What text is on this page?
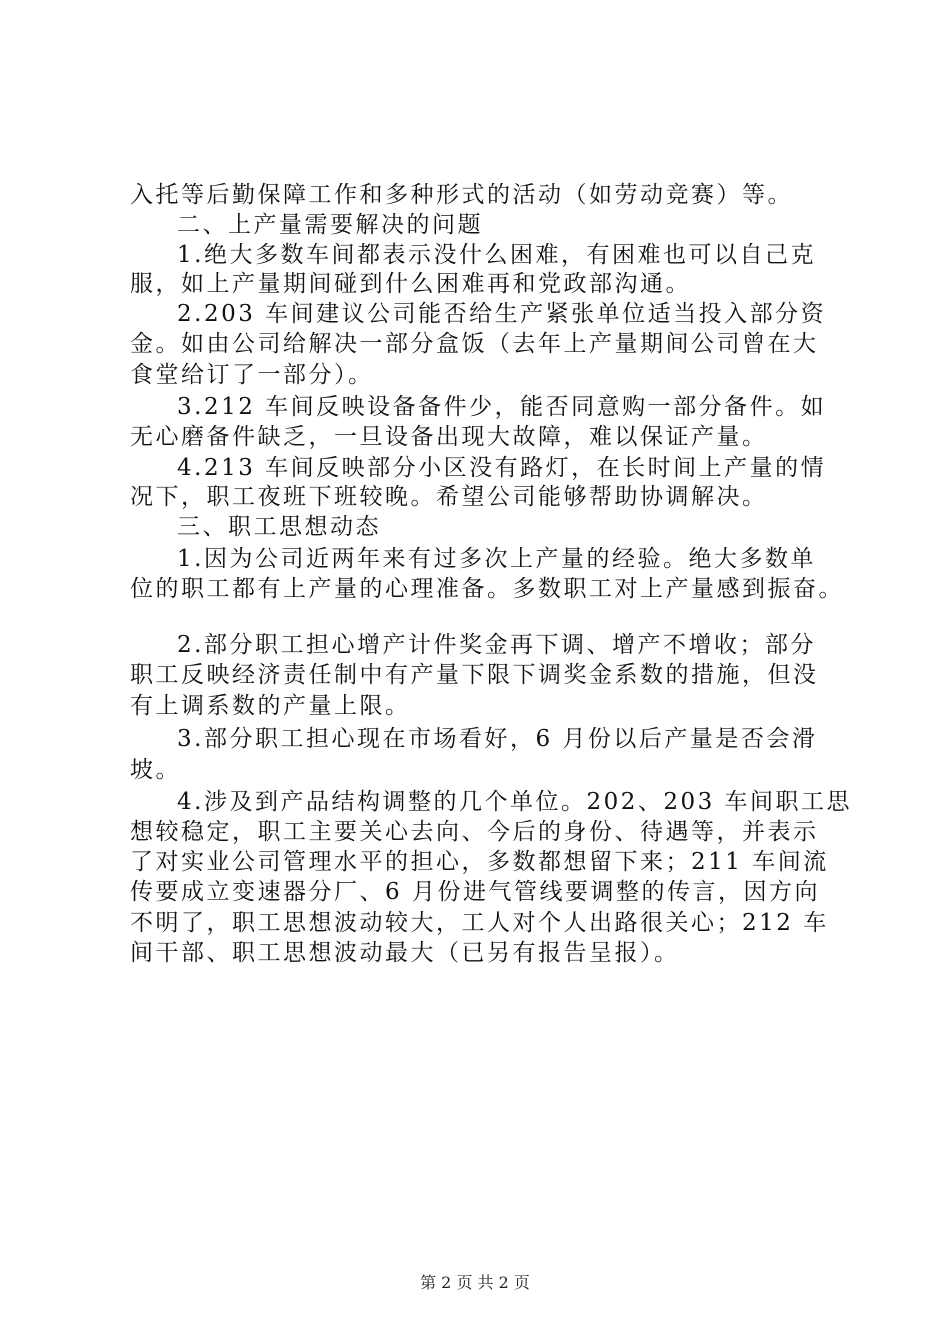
入托等后勤保障工作和多种形式的活动（如劳动竞赛）等。
二、上产量需要解决的问题
1.绝大多数车间都表示没什么困难，有困难也可以自己克
服，如上产量期间碰到什么困难再和党政部沟通。
2.203 车间建议公司能否给生产紧张单位适当投入部分资
金。如由公司给解决一部分盒饭（去年上产量期间公司曾在大
食堂给订了一部分）。
3.212 车间反映设备备件少，能否同意购一部分备件。如
无心磨备件缺乏，一旦设备出现大故障，难以保证产量。
4.213 车间反映部分小区没有路灯，在长时间上产量的情
况下，职工夜班下班较晚。希望公司能够帮助协调解决。
三、职工思想动态
1.因为公司近两年来有过多次上产量的经验。绝大多数单
位的职工都有上产量的心理准备。多数职工对上产量感到振奋。
2.部分职工担心增产计件奖金再下调、增产不增收；部分
职工反映经济责任制中有产量下限下调奖金系数的措施，但没
有上调系数的产量上限。
3.部分职工担心现在市场看好，6 月份以后产量是否会滑
坡。
4.涉及到产品结构调整的几个单位。202、203 车间职工思
想较稳定，职工主要关心去向、今后的身份、待遇等，并表示
了对实业公司管理水平的担心，多数都想留下来；211 车间流
传要成立变速器分厂、6 月份进气管线要调整的传言，因方向
不明了，职工思想波动较大，工人对个人出路很关心；212 车
间干部、职工思想波动最大（已另有报告呈报）。
第 2 页 共 2 页
